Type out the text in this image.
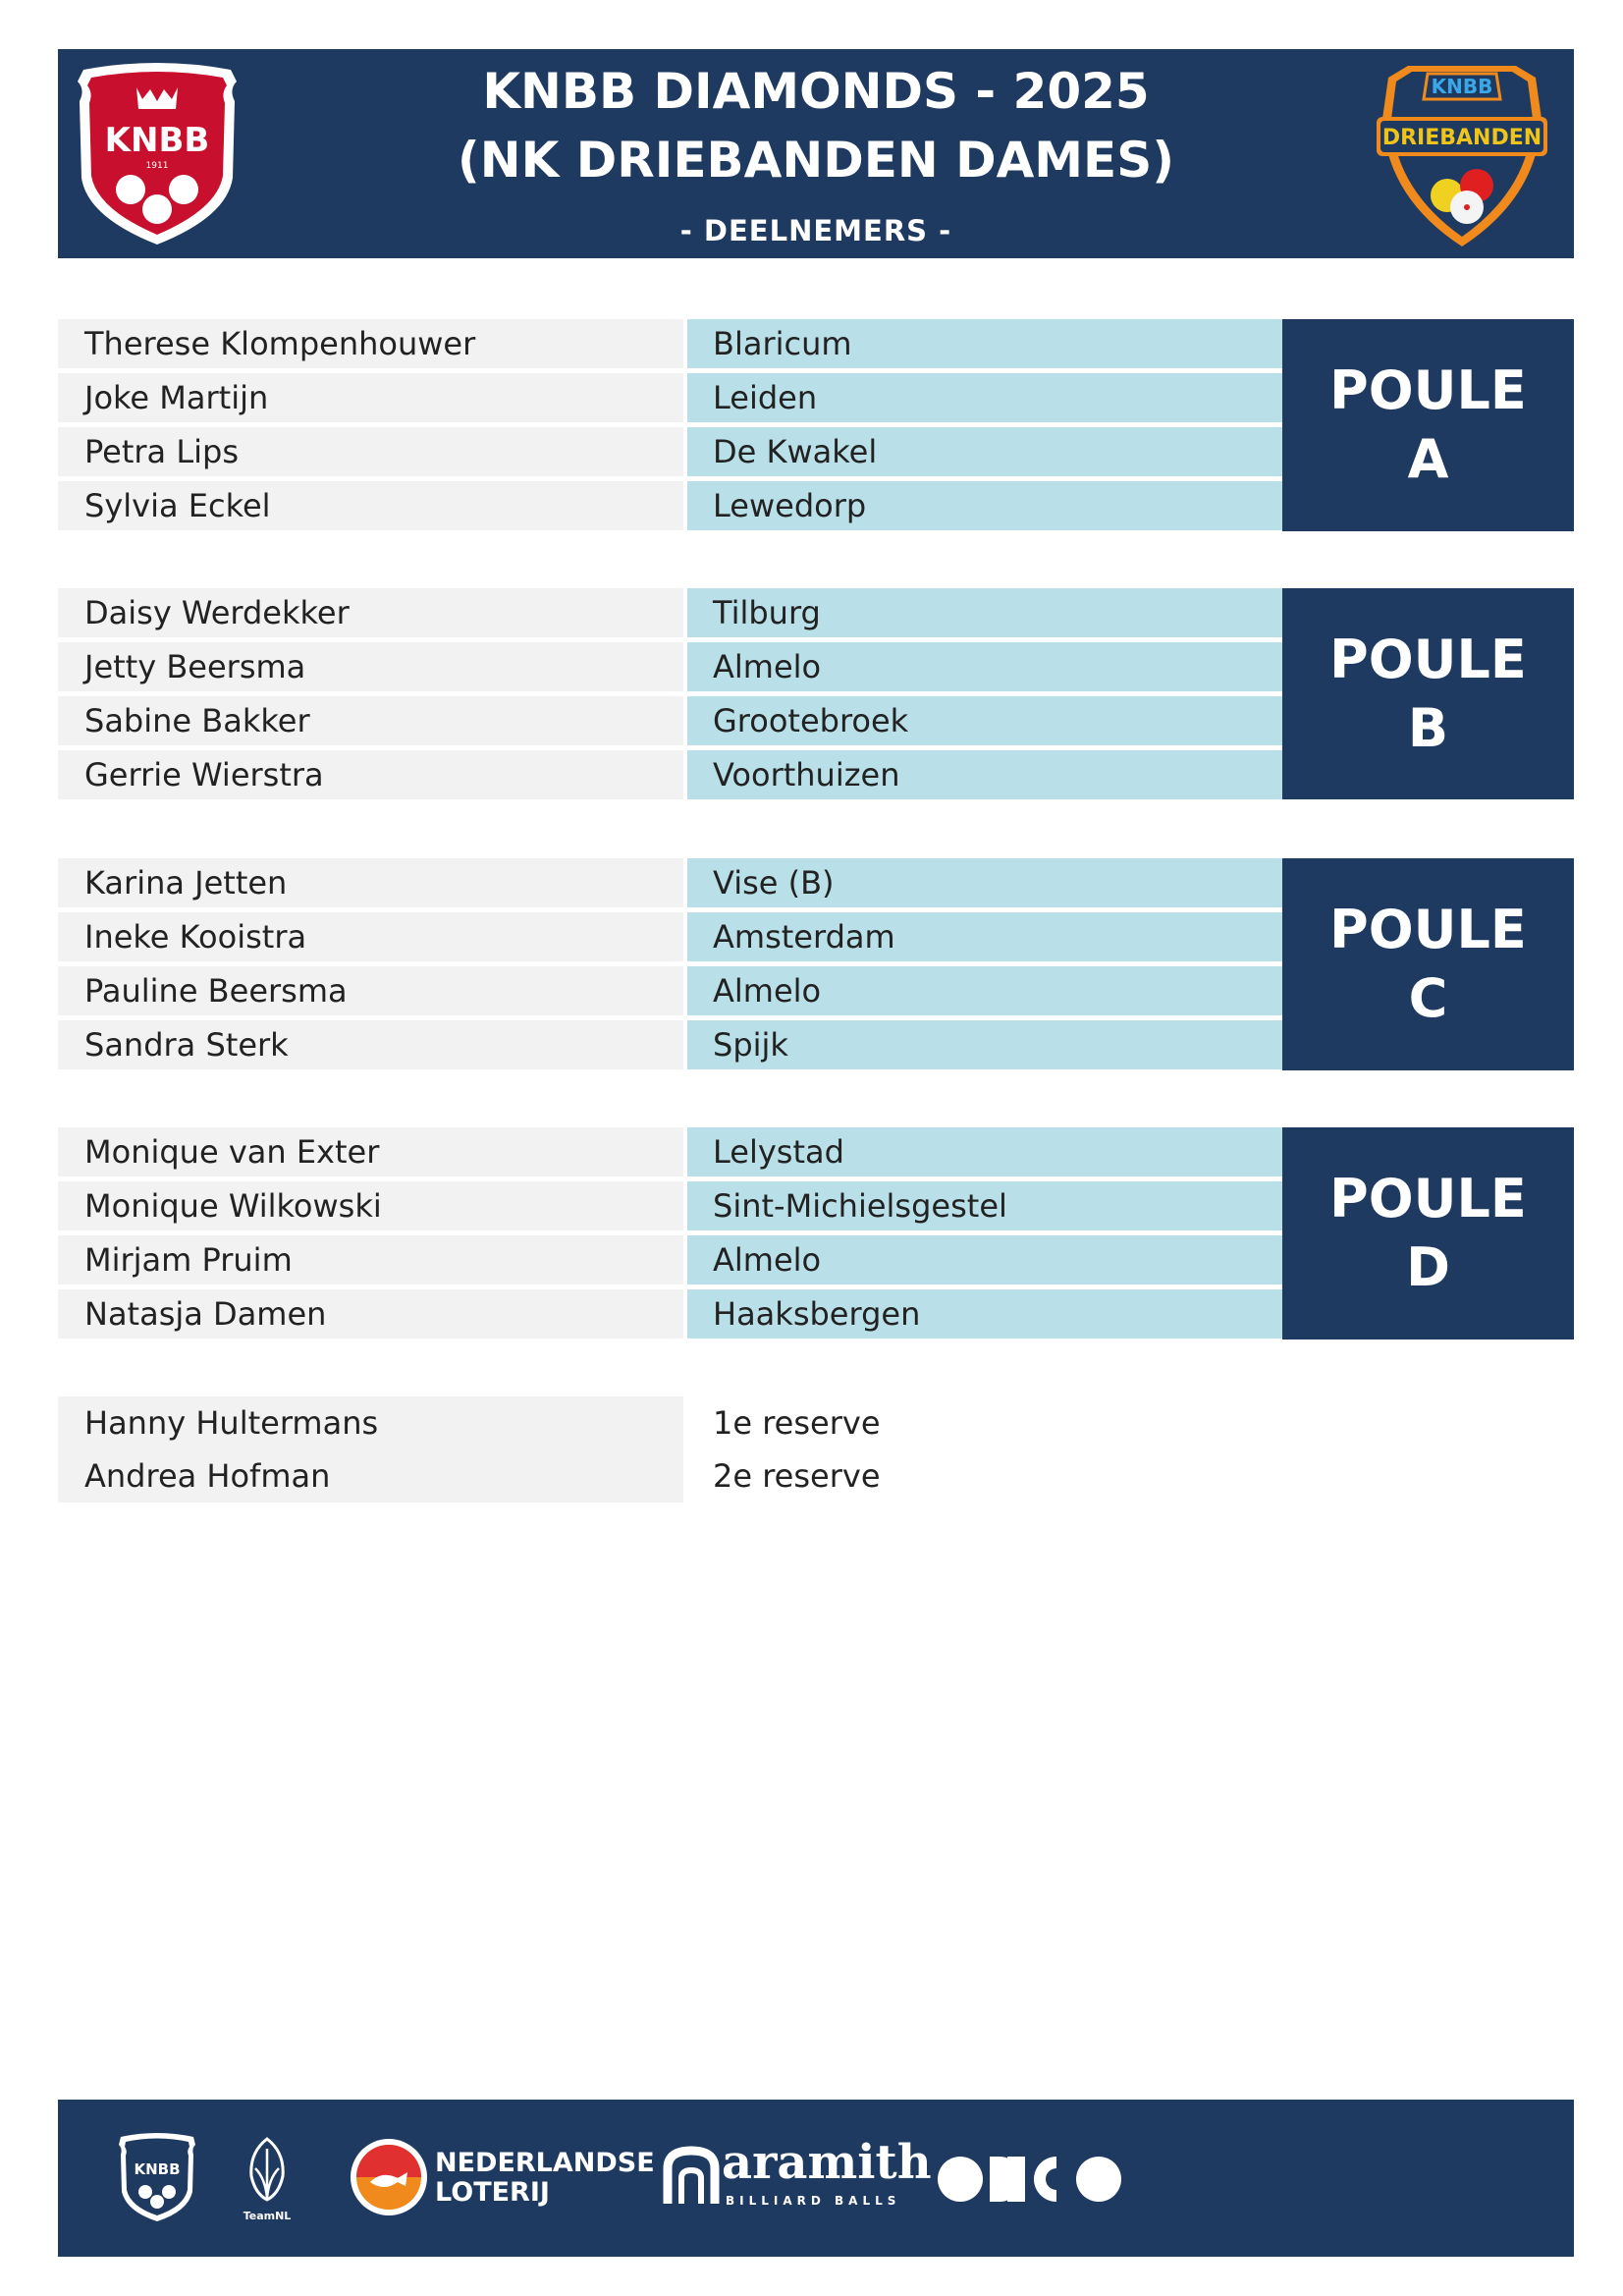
KNBB
1911
KNBB DIAMONDS - 2025
(NK DRIEBANDEN DAMES)
- DEELNEMERS -
KNBB
DRIEBANDEN
Therese Klompenhouwer	Blaricum
Joke Martijn	Leiden
Petra Lips	De Kwakel
Sylvia Eckel	Lewedorp
POULE
A
Daisy Werdekker	Tilburg
Jetty Beersma	Almelo
Sabine Bakker	Grootebroek
Gerrie Wierstra	Voorthuizen
POULE
B
Karina Jetten	Vise (B)
Ineke Kooistra	Amsterdam
Pauline Beersma	Almelo
Sandra Sterk	Spijk
POULE
C
Monique van Exter	Lelystad
Monique Wilkowski	Sint-Michielsgestel
Mirjam Pruim	Almelo
Natasja Damen	Haaksbergen
POULE
D
Hanny Hultermans	1e reserve
Andrea Hofman	2e reserve
KNBB
TeamNL
NEDERLANDSE
LOTERIJ
aramith
BILLIARD BALLS
